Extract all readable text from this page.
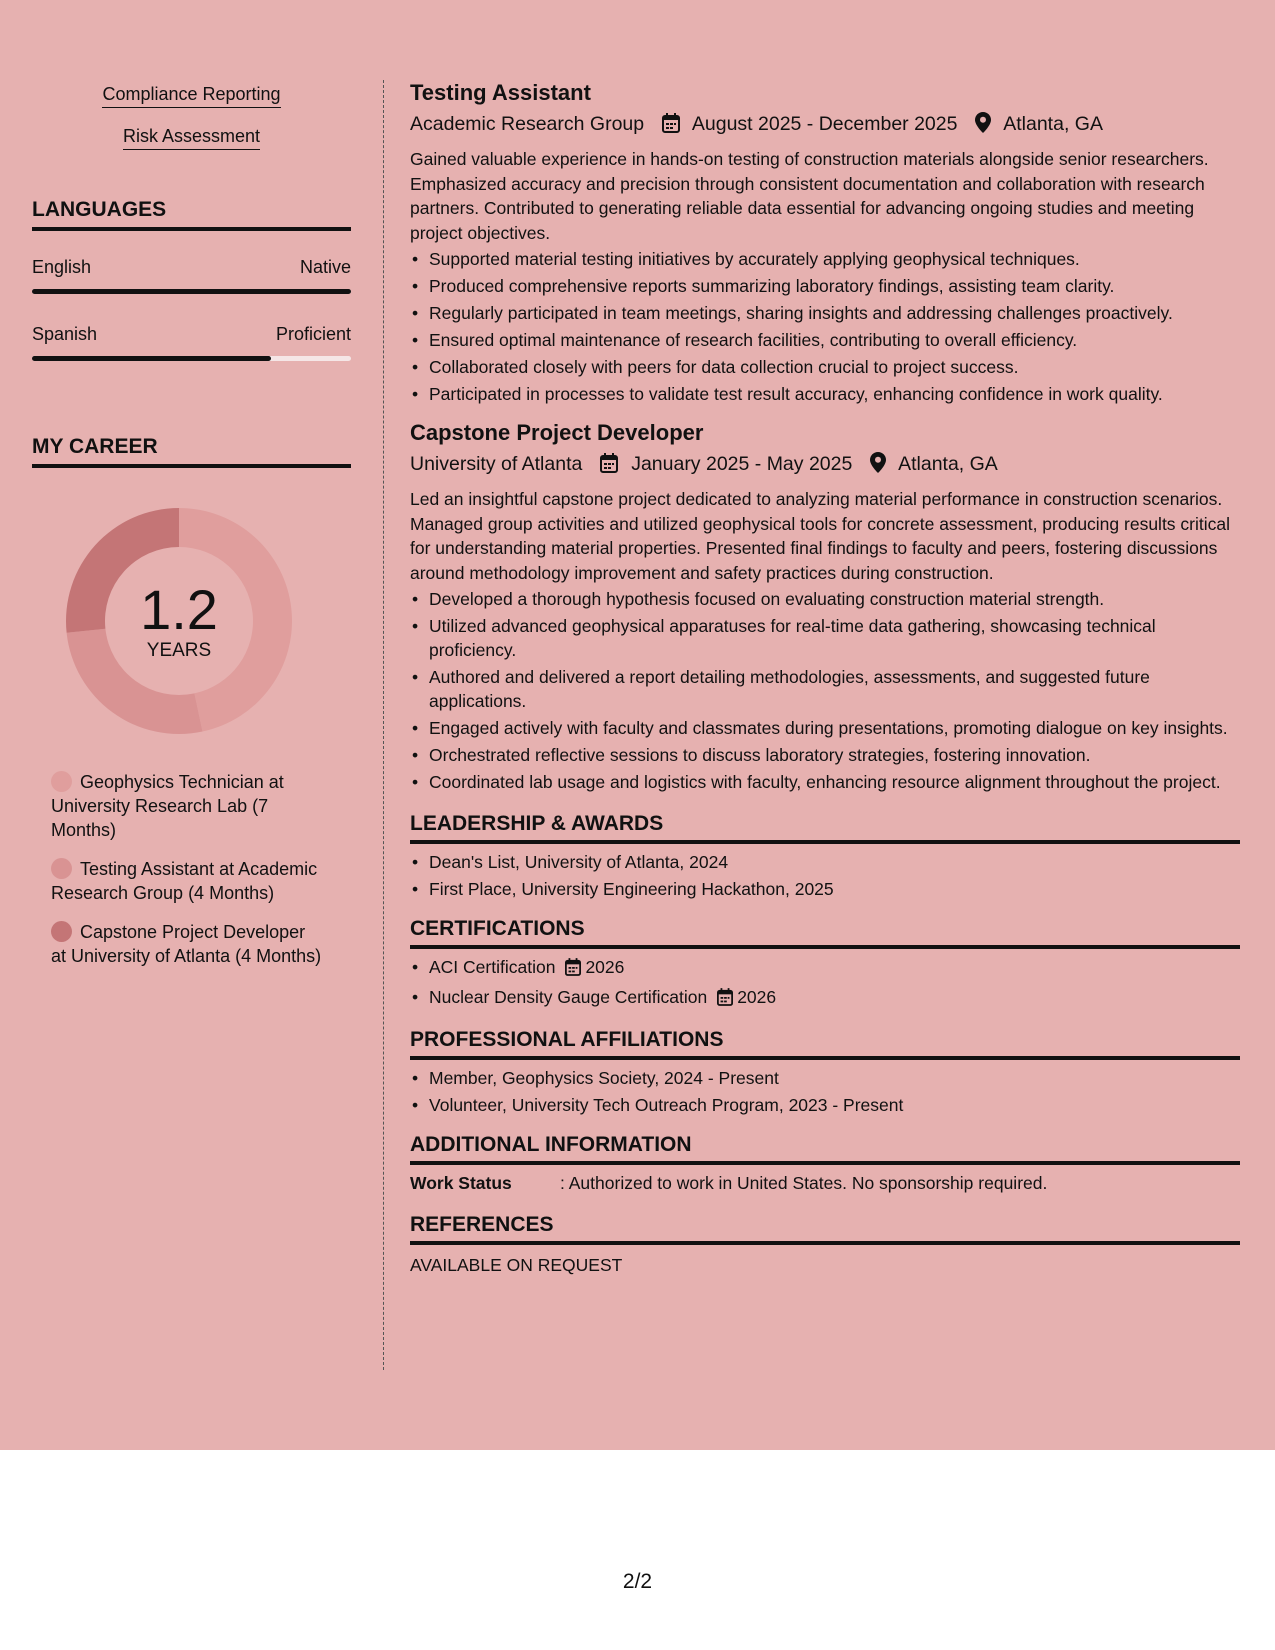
Compliance Reporting
Risk Assessment
LANGUAGES
English	Native
Spanish	Proficient
MY CAREER
1.2
YEARS
Geophysics Technician at University Research Lab (7 Months)
Testing Assistant at Academic Research Group (4 Months)
Capstone Project Developer at University of Atlanta (4 Months)
Testing Assistant
Academic Research Group August 2025 - December 2025 Atlanta, GA
Gained valuable experience in hands-on testing of construction materials alongside senior researchers. Emphasized accuracy and precision through consistent documentation and collaboration with research partners. Contributed to generating reliable data essential for advancing ongoing studies and meeting project objectives.
• Supported material testing initiatives by accurately applying geophysical techniques.
• Produced comprehensive reports summarizing laboratory findings, assisting team clarity.
• Regularly participated in team meetings, sharing insights and addressing challenges proactively.
• Ensured optimal maintenance of research facilities, contributing to overall efficiency.
• Collaborated closely with peers for data collection crucial to project success.
• Participated in processes to validate test result accuracy, enhancing confidence in work quality.
Capstone Project Developer
University of Atlanta	January 2025 - May 2025 Atlanta, GA
Led an insightful capstone project dedicated to analyzing material performance in construction scenarios. Managed group activities and utilized geophysical tools for concrete assessment, producing results critical for understanding material properties. Presented final findings to faculty and peers, fostering discussions around methodology improvement and safety practices during construction.
• Developed a thorough hypothesis focused on evaluating construction material strength.
• Utilized advanced geophysical apparatuses for real-time data gathering, showcasing technical proficiency.
• Authored and delivered a report detailing methodologies, assessments, and suggested future applications.
• Engaged actively with faculty and classmates during presentations, promoting dialogue on key insights.
• Orchestrated reflective sessions to discuss laboratory strategies, fostering innovation.
• Coordinated lab usage and logistics with faculty, enhancing resource alignment throughout the project.
LEADERSHIP & AWARDS
• Dean's List, University of Atlanta, 2024
• First Place, University Engineering Hackathon, 2025
CERTIFICATIONS
• ACI Certification 2026
• Nuclear Density Gauge Certification 2026
PROFESSIONAL AFFILIATIONS
• Member, Geophysics Society, 2024 - Present
• Volunteer, University Tech Outreach Program, 2023 - Present
ADDITIONAL INFORMATION
Work Status	: Authorized to work in United States. No sponsorship required.
REFERENCES
AVAILABLE ON REQUEST
2/2
